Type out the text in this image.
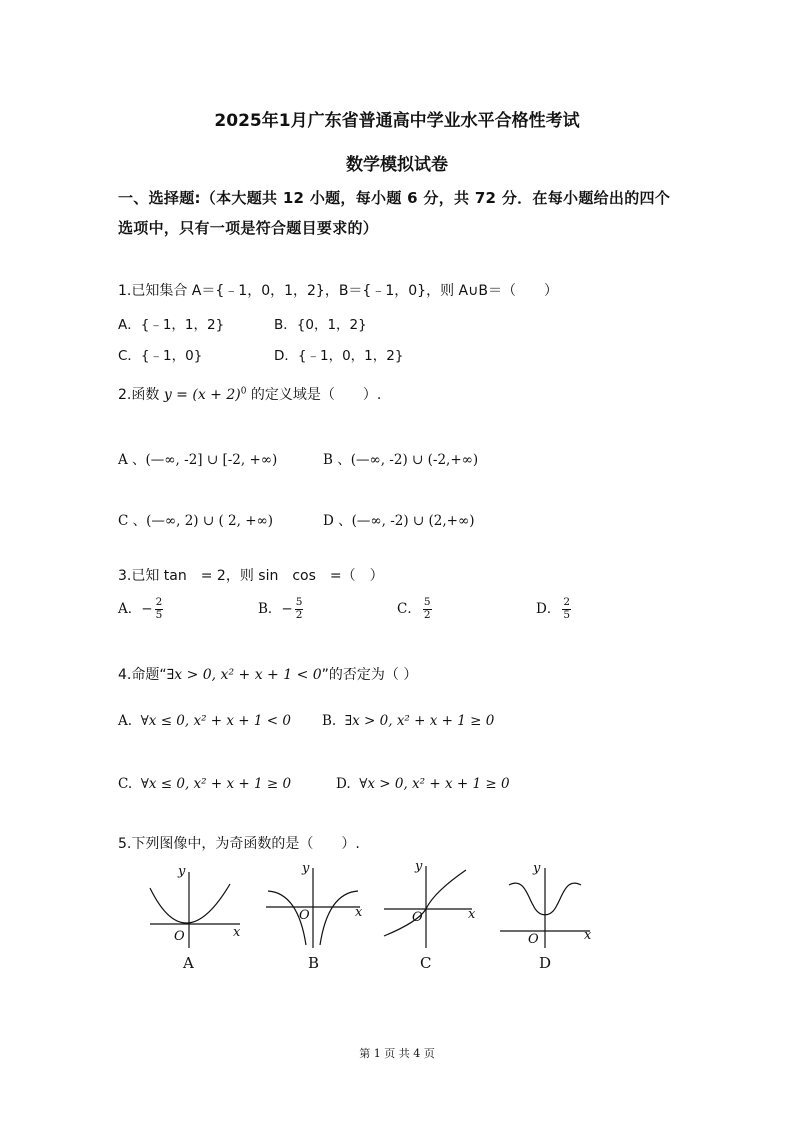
2025年1月广东省普通高中学业水平合格性考试
数学模拟试卷
一、选择题:（本大题共 12 小题，每小题 6 分，共 72 分．在每小题给出的四个
选项中，只有一项是符合题目要求的）
1.已知集合 A＝{﹣1，0，1，2}，B＝{﹣1，0}，则 A∪B＝（　　）
A．{﹣1，1，2}	B．{0，1，2}
C．{﹣1，0}	D．{﹣1，0，1，2}
2.函数 $y = (x + 2)^0$ 的定义域是（　　）.
A 、(—∞, -2] ∪ [-2, +∞)	B 、(—∞, -2) ∪ (-2,+∞)
C 、(—∞, 2) ∪ ( 2, +∞)	D 、(—∞, -2) ∪ (2,+∞)
3.已知 tan　= 2，则 sin　cos　=（　）
A．− $\frac{2}{5}$	B．− $\frac{5}{2}$	C． $\frac{5}{2}$	D． $\frac{2}{5}$
4.命题“∃x > 0, x² + x + 1 < 0”的否定为（ ）
A. ∀x ≤ 0, x² + x + 1 < 0 B. ∃x > 0, x² + x + 1 ≥ 0
C. ∀x ≤ 0, x² + x + 1 ≥ 0	D. ∀x > 0, x² + x + 1 ≥ 0
5.下列图像中，为奇函数的是（　　）.
y
x
O
A
y
x
O
B
y
x
O
C
y
x
O
D
第 1 页 共 4 页
